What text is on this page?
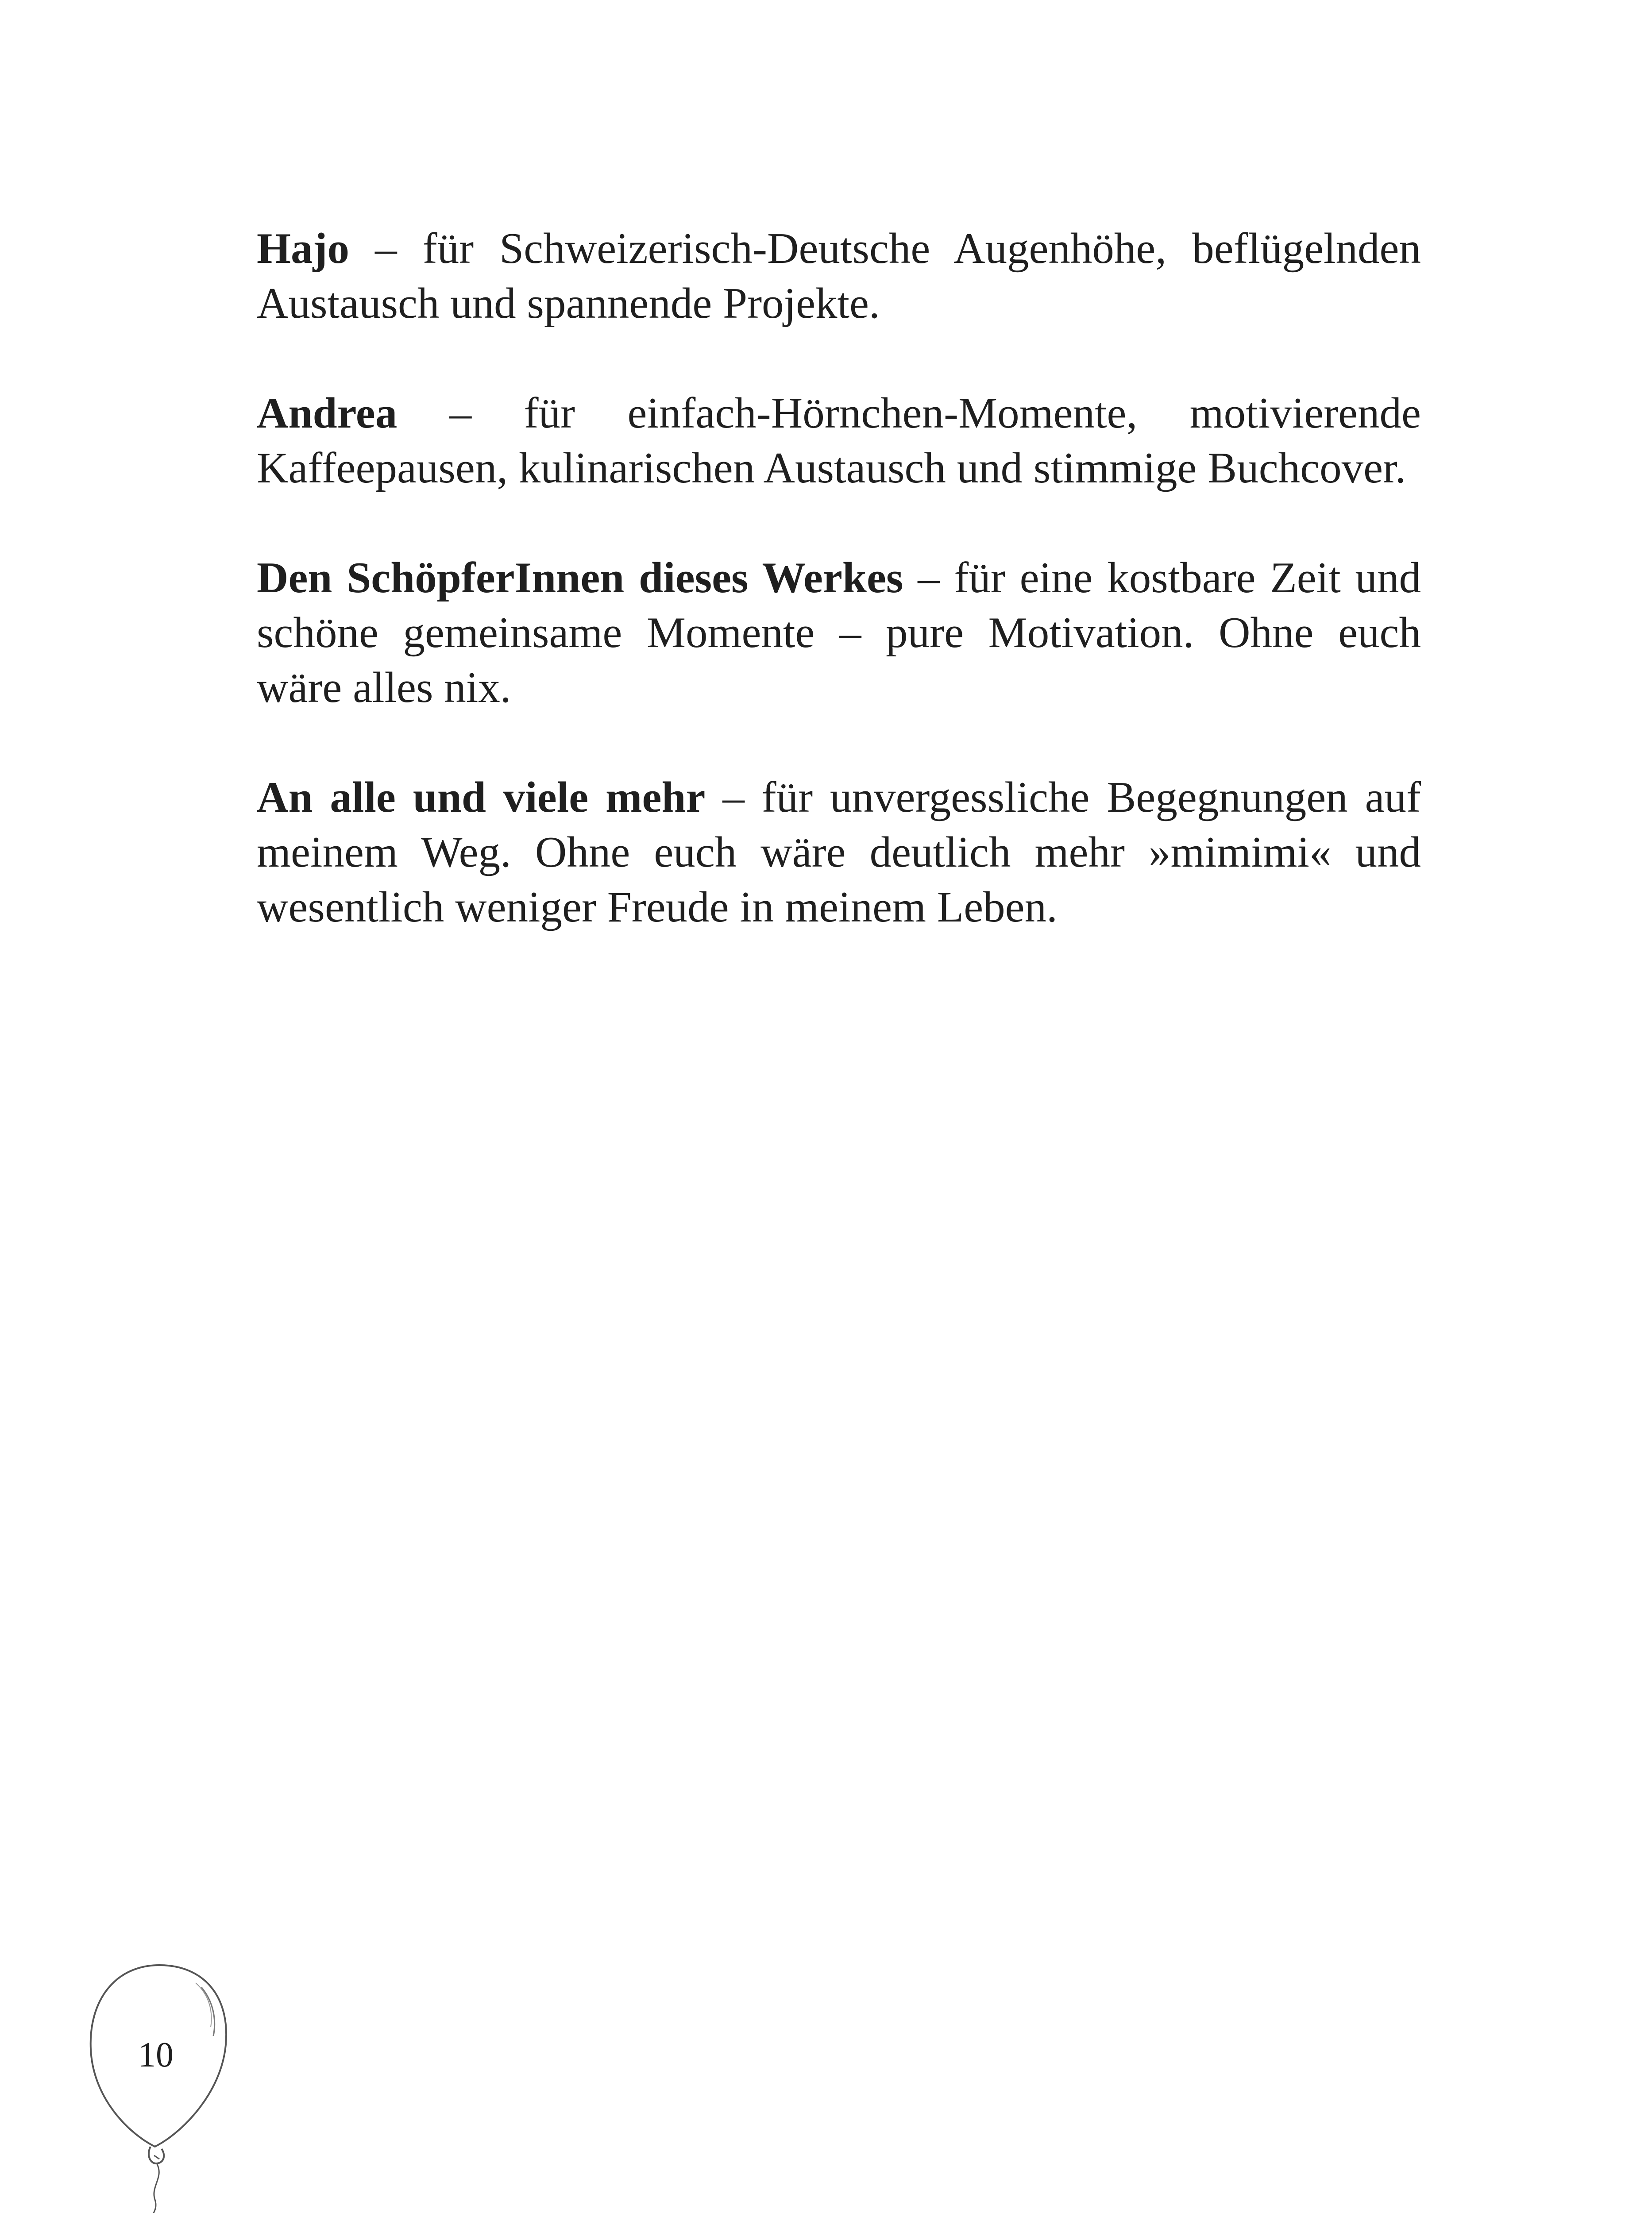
Hajo – für Schweizerisch-Deutsche Augenhöhe, beflügelnden Austausch und spannende Projekte.

Andrea – für einfach-Hörnchen-Momente, motivierende Kaffeepausen, kulinarischen Austausch und stimmige Buchcover.

Den SchöpferInnen dieses Werkes – für eine kostbare Zeit und schöne gemeinsame Momente – pure Motivation. Ohne euch wäre alles nix.

An alle und viele mehr – für unvergessliche Begegnungen auf meinem Weg. Ohne euch wäre deutlich mehr »mimimi« und wesentlich weniger Freude in meinem Leben.

10
